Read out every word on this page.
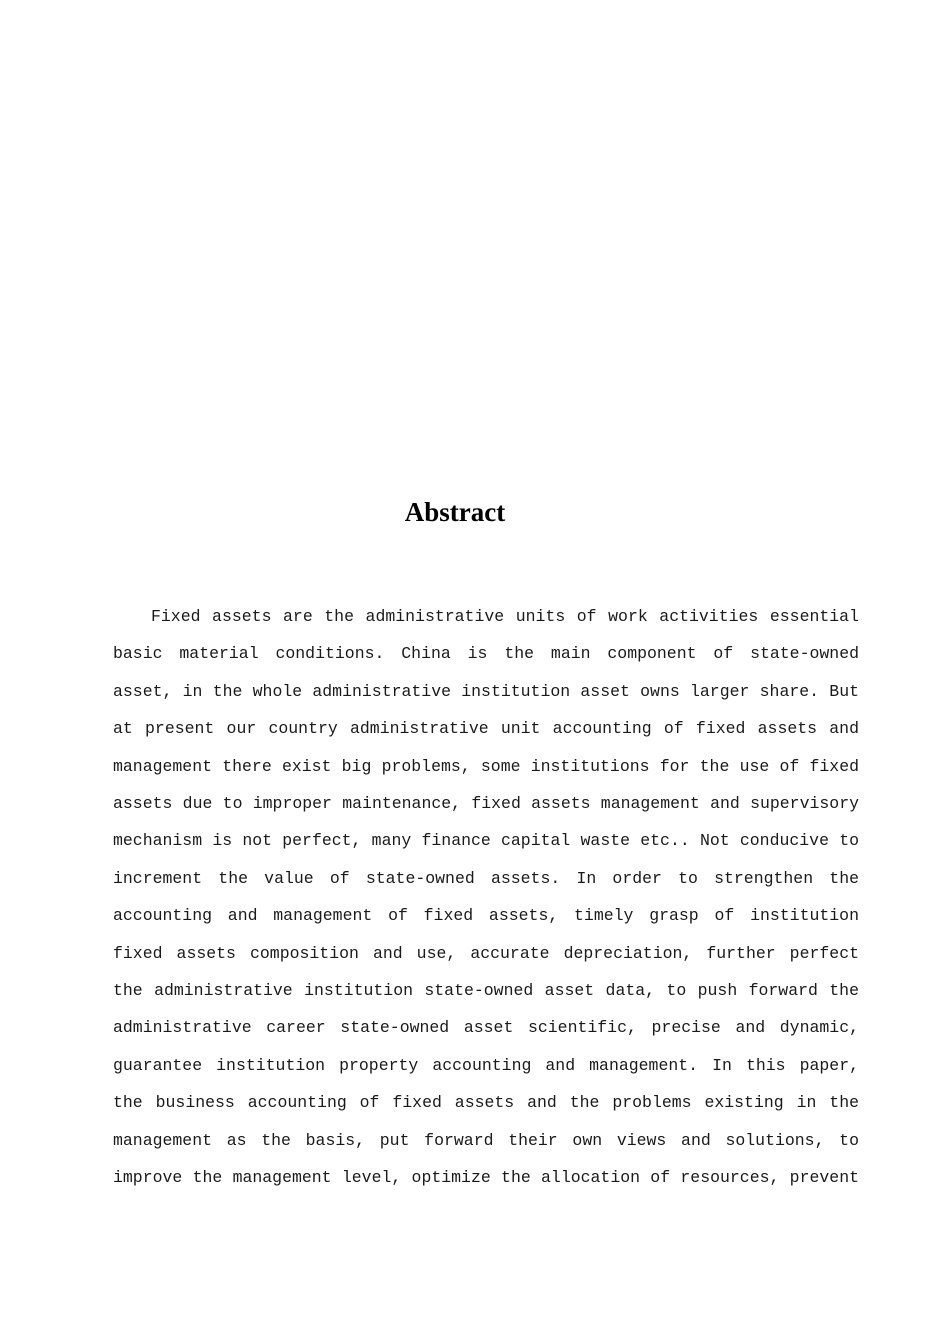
Abstract

Fixed assets are the administrative units of work activities essential basic material conditions. China is the main component of state-owned asset, in the whole administrative institution asset owns larger share. But at present our country administrative unit accounting of fixed assets and management there exist big problems, some institutions for the use of fixed assets due to improper maintenance, fixed assets management and supervisory mechanism is not perfect, many finance capital waste etc.. Not conducive to increment the value of state-owned assets. In order to strengthen the accounting and management of fixed assets, timely grasp of institution fixed assets composition and use, accurate depreciation, further perfect the administrative institution state-owned asset data, to push forward the administrative career state-owned asset scientific, precise and dynamic, guarantee institution property accounting and management. In this paper, the business accounting of fixed assets and the problems existing in the management as the basis, put forward their own views and solutions, to improve the management level, optimize the allocation of resources, prevent
